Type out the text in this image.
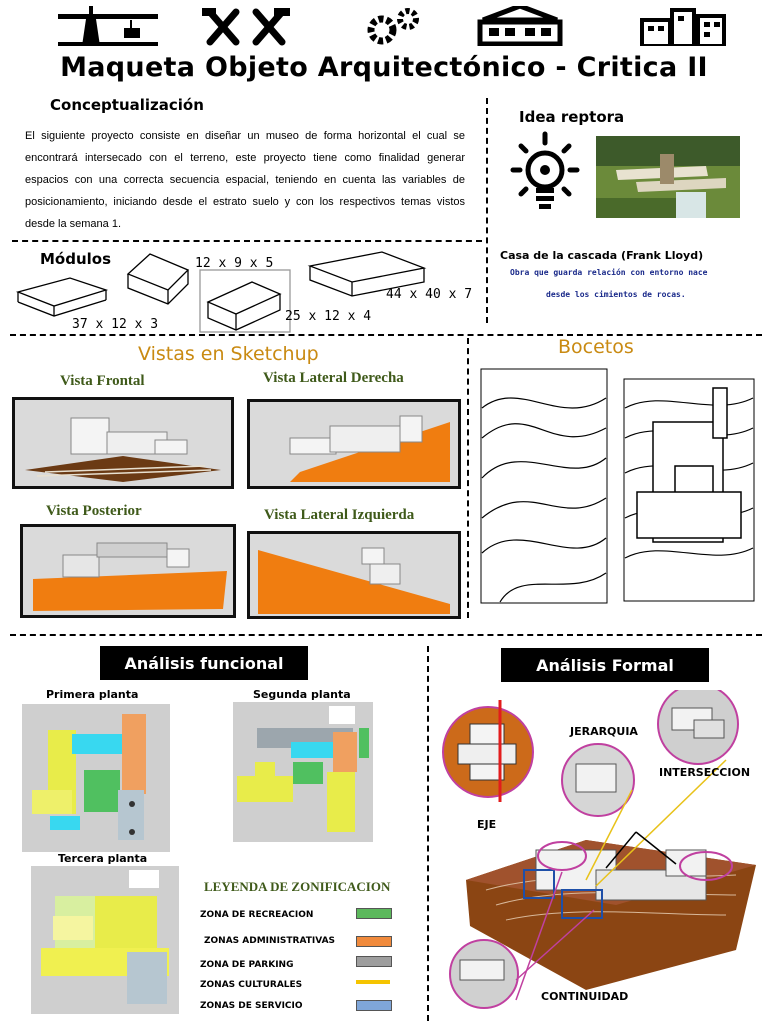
Maqueta Objeto Arquitectónico - Critica II
Conceptualización
El siguiente proyecto consiste en diseñar un museo de forma horizontal el cual se encontrará intersecado con el terreno, este proyecto tiene como finalidad generar espacios con una correcta secuencia espacial, teniendo en cuenta las variables de posicionamiento, iniciando desde el estrato suelo y con los respectivos temas vistos desde la semana 1.
Idea reptora
Casa de la cascada (Frank Lloyd)
Obra que guarda relación con entorno nace
desde los cimientos de rocas.
Módulos
37 x 12 x 3
12 x 9 x 5
25 x 12 x 4
44 x 40 x 7
Vistas en Sketchup
Vista Frontal	Vista Lateral Derecha
Vista Posterior	Vista Lateral Izquierda
Bocetos
Análisis funcional
Primera planta	Segunda planta
Tercera planta
LEYENDA DE ZONIFICACION
ZONA DE RECREACION
ZONAS ADMINISTRATIVAS
ZONA DE PARKING
ZONAS CULTURALES
ZONAS DE SERVICIO
Análisis Formal
JERARQUIA
INTERSECCION
EJE
CONTINUIDAD
